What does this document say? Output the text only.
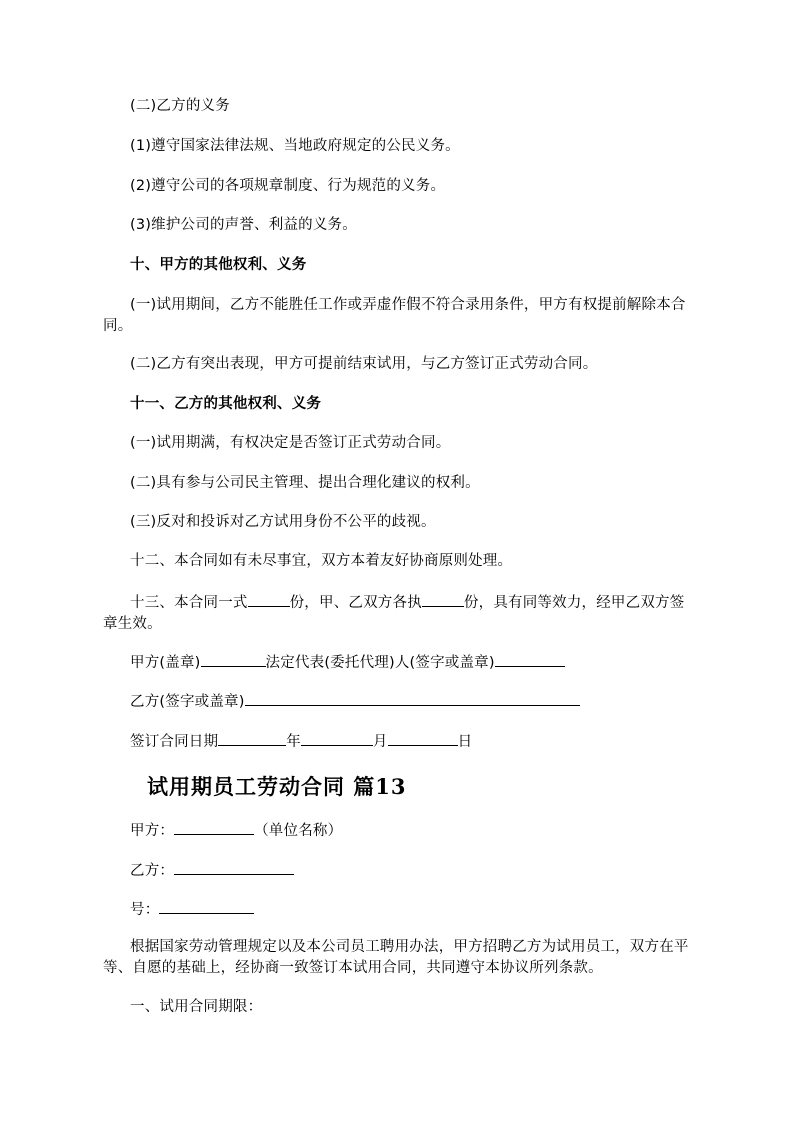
(二)乙方的义务
(1)遵守国家法律法规、当地政府规定的公民义务。
(2)遵守公司的各项规章制度、行为规范的义务。
(3)维护公司的声誉、利益的义务。
十、甲方的其他权利、义务
(一)试用期间，乙方不能胜任工作或弄虚作假不符合录用条件，甲方有权提前解除本合同。
(二)乙方有突出表现，甲方可提前结束试用，与乙方签订正式劳动合同。
十一、乙方的其他权利、义务
(一)试用期满，有权决定是否签订正式劳动合同。
(二)具有参与公司民主管理、提出合理化建议的权利。
(三)反对和投诉对乙方试用身份不公平的歧视。
十二、本合同如有未尽事宜，双方本着友好协商原则处理。
十三、本合同一式	份，甲、乙双方各执	份，具有同等效力，经甲乙双方签章生效。
甲方(盖章)	法定代表(委托代理)人(签字或盖章)
乙方(签字或盖章)
签订合同日期	年	月	日
试用期员工劳动合同 篇13
甲方：	（单位名称）
乙方：
号：
根据国家劳动管理规定以及本公司员工聘用办法，甲方招聘乙方为试用员工，双方在平等、自愿的基础上，经协商一致签订本试用合同，共同遵守本协议所列条款。
一、试用合同期限：
